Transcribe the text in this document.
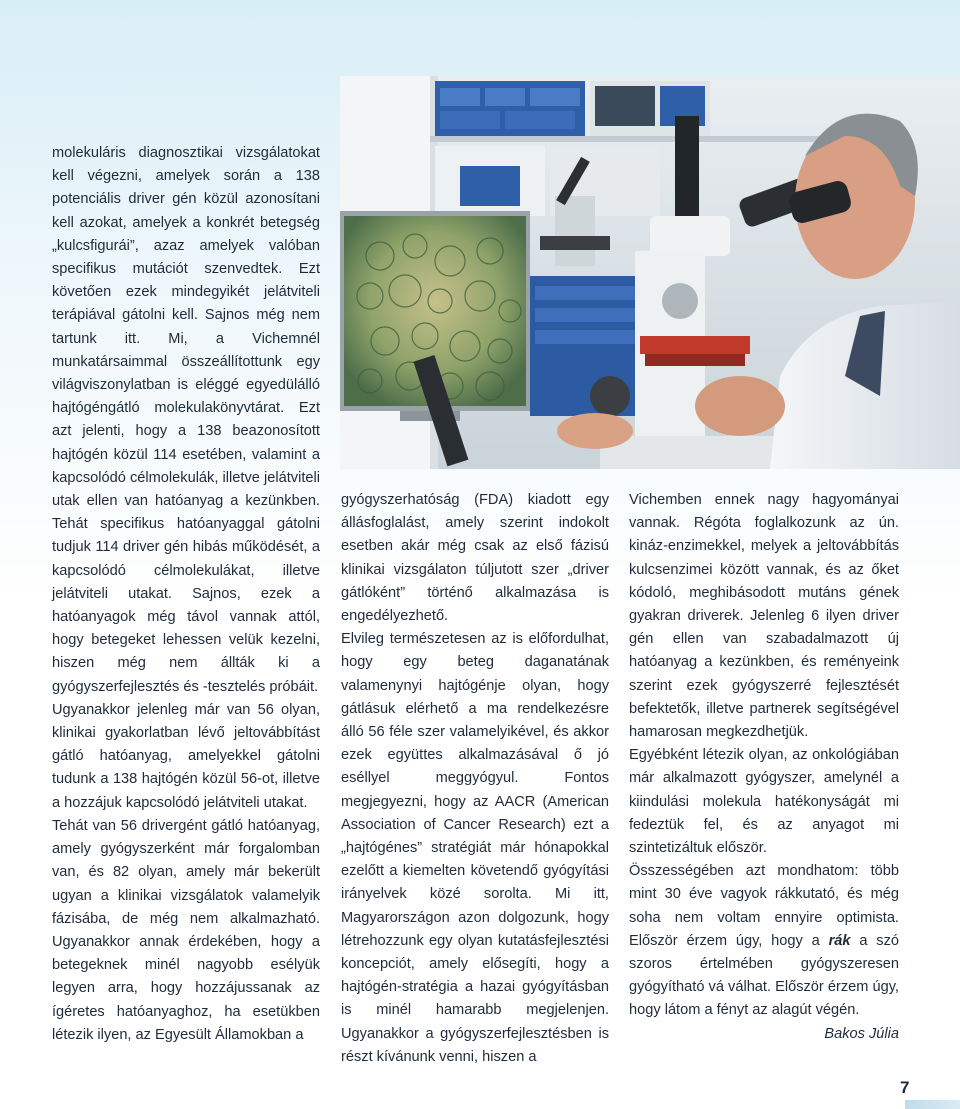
molekuláris diagnosztikai vizsgálatokat kell végezni, amelyek során a 138 potenciális driver gén közül azonosítani kell azokat, amelyek a konkrét betegség „kulcsfigurái”, azaz amelyek valóban specifikus mutációt szenvedtek. Ezt követően ezek mindegyikét jelátviteli terápiával gátolni kell. Sajnos még nem tartunk itt. Mi, a Vichemnél munkatársaimmal összeállítottunk egy világviszonylatban is eléggé egyedülálló hajtógéngátló molekulakönyvtárat. Ezt azt jelenti, hogy a 138 beazonosított hajtógén közül 114 esetében, valamint a kapcsolódó célmolekulák, illetve jelátviteli utak ellen van hatóanyag a kezünkben. Tehát specifikus hatóanyaggal gátolni tudjuk 114 driver gén hibás működését, a kapcsolódó célmolekulákat, illetve jelátviteli utakat. Sajnos, ezek a hatóanyagok még távol vannak attól, hogy betegeket lehessen velük kezelni, hiszen még nem állták ki a gyógyszerfejlesztés és -tesztelés próbáit.

Ugyanakkor jelenleg már van 56 olyan, klinikai gyakorlatban lévő jeltovábbítást gátló hatóanyag, amelyekkel gátolni tudunk a 138 hajtógén közül 56-ot, illetve a hozzájuk kapcsolódó jelátviteli utakat.

Tehát van 56 drivergént gátló hatóanyag, amely gyógyszerként már forgalomban van, és 82 olyan, amely már bekerült ugyan a klinikai vizsgálatok valamelyik fázisába, de még nem alkalmazható. Ugyanakkor annak érdekében, hogy a betegeknek minél nagyobb esélyük legyen arra, hogy hozzájussanak az ígéretes hatóanyaghoz, ha esetükben létezik ilyen, az Egyesült Államokban a

gyógyszerhatóság (FDA) kiadott egy állásfoglalást, amely szerint indokolt esetben akár még csak az első fázisú klinikai vizsgálaton túljutott szer „driver gátlóként” történő alkalmazása is engedélyezhető.

Elvileg természetesen az is előfordulhat, hogy egy beteg daganatának valamenynyi hajtógénje olyan, hogy gátlásuk elérhető a ma rendelkezésre álló 56 féle szer valamelyikével, és akkor ezek együttes alkalmazásával ő jó eséllyel meggyógyul. Fontos megjegyezni, hogy az AACR (American Association of Cancer Research) ezt a „hajtógénes” stratégiát már hónapokkal ezelőtt a kiemelten követendő gyógyítási irányelvek közé sorolta. Mi itt, Magyarországon azon dolgozunk, hogy létrehozzunk egy olyan kutatásfejlesztési koncepciót, amely elősegíti, hogy a hajtógén-stratégia a hazai gyógyításban is minél hamarabb megjelenjen. Ugyanakkor a gyógyszerfejlesztésben is részt kívánunk venni, hiszen a

Vichemben ennek nagy hagyományai vannak. Régóta foglalkozunk az ún. kináz-enzimekkel, melyek a jeltovábbítás kulcsenzimei között vannak, és az őket kódoló, meghibásodott mutáns gének gyakran driverek. Jelenleg 6 ilyen driver gén ellen van szabadalmazott új hatóanyag a kezünkben, és reményeink szerint ezek gyógyszerré fejlesztését befektetők, illetve partnerek segítségével hamarosan megkezdhetjük.

Egyébként létezik olyan, az onkológiában már alkalmazott gyógyszer, amelynél a kiindulási molekula hatékonyságát mi fedeztük fel, és az anyagot mi szintetizáltuk először.

Összességében azt mondhatom: több mint 30 éve vagyok rákkutató, és még soha nem voltam ennyire optimista. Először érzem úgy, hogy a rák a szó szoros értelmében gyógyszeresen gyógyítható vá válhat. Először érzem úgy, hogy látom a fényt az alagút végén.

Bakos Júlia

7
